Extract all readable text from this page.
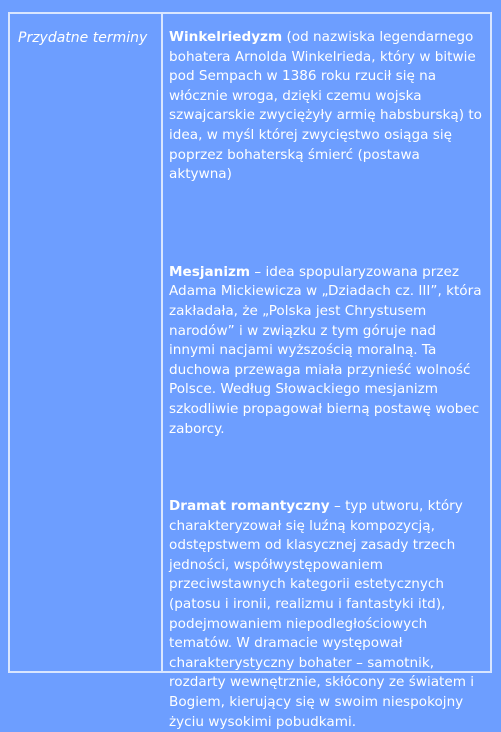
Przydatne terminy	Winkelriedyzm (od nazwiska legendarnego bohatera Arnolda Winkelrieda, który w bitwie pod Sempach w 1386 roku rzucił się na włócznie wroga, dzięki czemu wojska szwajcarskie zwyciężyły armię habsburską) to idea, w myśl której zwycięstwo osiąga się poprzez bohaterską śmierć (postawa aktywna)

Mesjanizm – idea spopularyzowana przez Adama Mickiewicza w „Dziadach cz. III”, która zakładała, że „Polska jest Chrystusem narodów” i w związku z tym góruje nad innymi nacjami wyższością moralną. Ta duchowa przewaga miała przynieść wolność Polsce. Według Słowackiego mesjanizm szkodliwie propagował bierną postawę wobec zaborcy.

Dramat romantyczny – typ utworu, który charakteryzował się luźną kompozycją, odstępstwem od klasycznej zasady trzech jedności, współwystępowaniem przeciwstawnych kategorii estetycznych (patosu i ironii, realizmu i fantastyki itd), podejmowaniem niepodległościowych tematów. W dramacie występował charakterystyczny bohater – samotnik, rozdarty wewnętrznie, skłócony ze światem i Bogiem, kierujący się w swoim niespokojny życiu wysokimi pobudkami.
